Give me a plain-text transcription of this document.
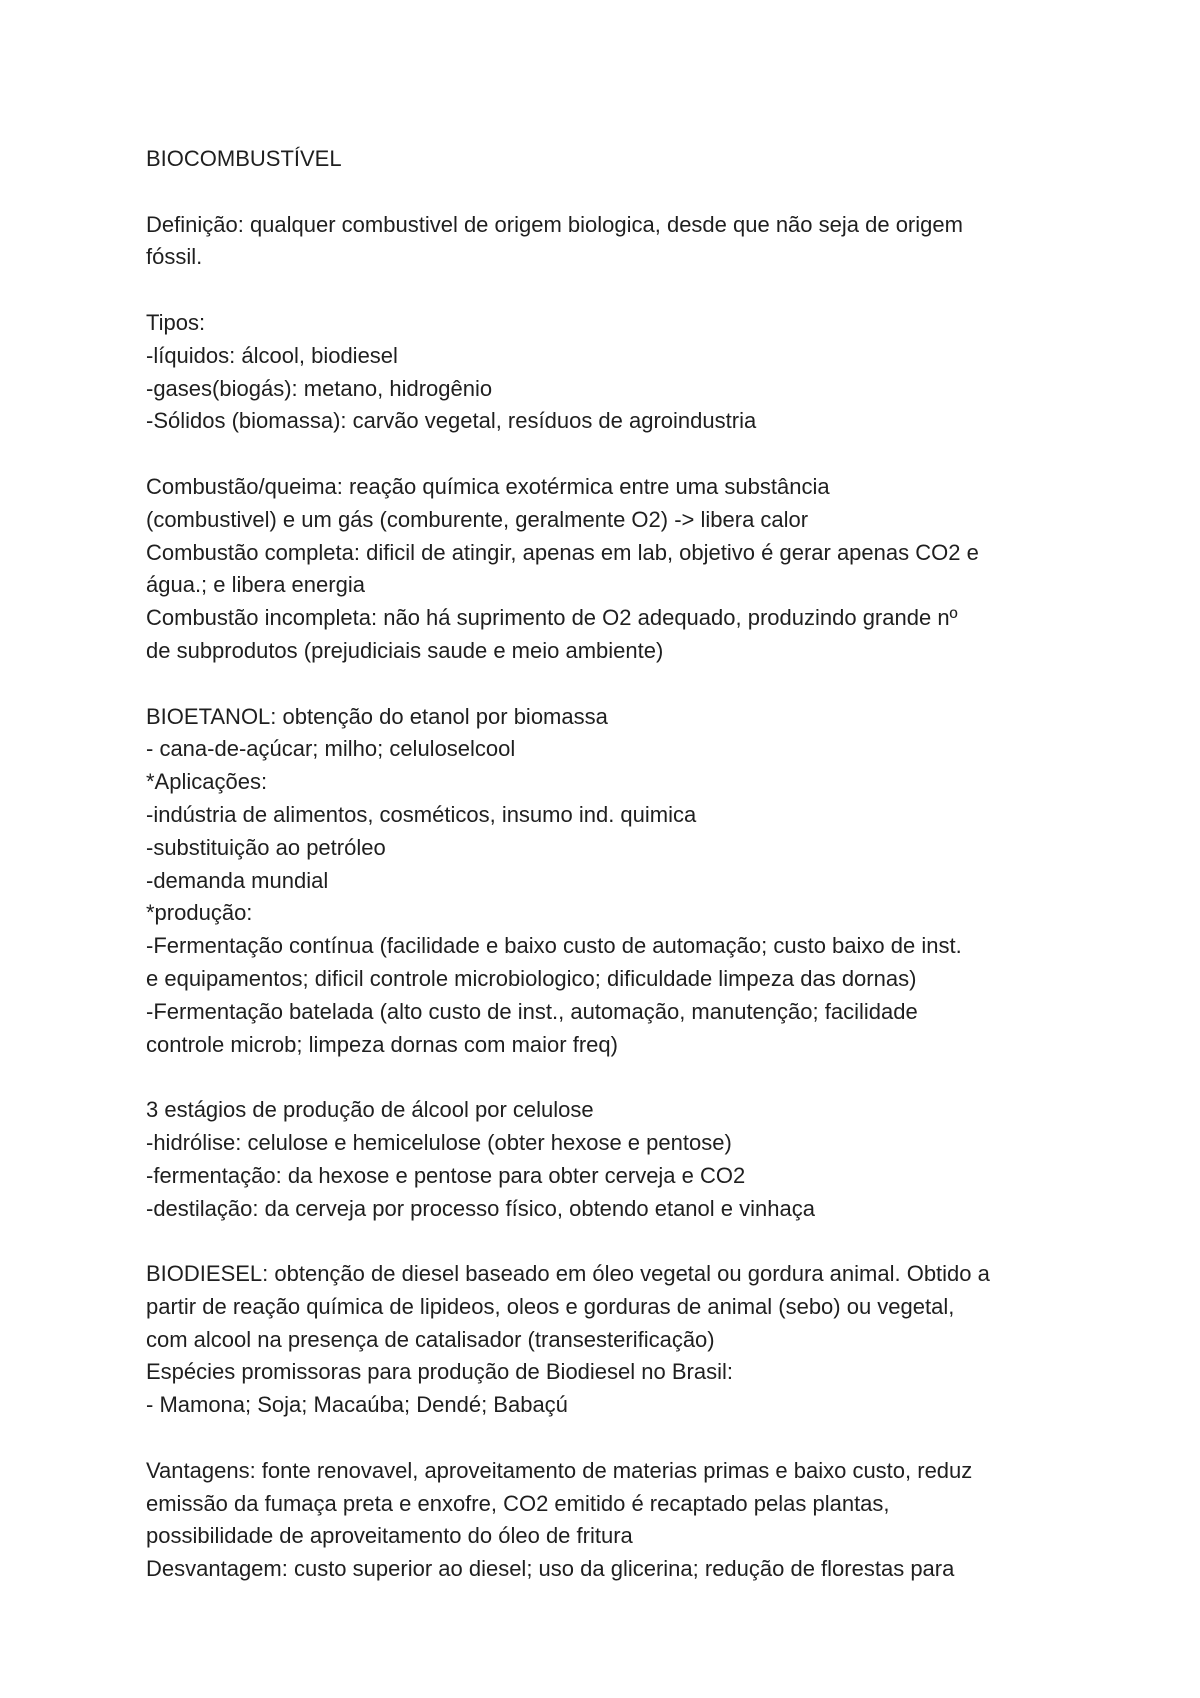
BIOCOMBUSTÍVEL
Definição: qualquer combustivel de origem biologica, desde que não seja de origem
fóssil.
Tipos:
-líquidos: álcool, biodiesel
-gases(biogás): metano, hidrogênio
-Sólidos (biomassa): carvão vegetal, resíduos de agroindustria
Combustão/queima: reação química exotérmica entre uma substância
(combustivel) e um gás (comburente, geralmente O2) -> libera calor
Combustão completa: dificil de atingir, apenas em lab, objetivo é gerar apenas CO2 e
água.; e libera energia
Combustão incompleta: não há suprimento de O2 adequado, produzindo grande nº
de subprodutos (prejudiciais saude e meio ambiente)
BIOETANOL: obtenção do etanol por biomassa
- cana-de-açúcar; milho; celuloselcool
*Aplicações:
-indústria de alimentos, cosméticos, insumo ind. quimica
-substituição ao petróleo
-demanda mundial
*produção:
-Fermentação contínua (facilidade e baixo custo de automação; custo baixo de inst.
e equipamentos; dificil controle microbiologico; dificuldade limpeza das dornas)
-Fermentação batelada (alto custo de inst., automação, manutenção; facilidade
controle microb; limpeza dornas com maior freq)
3 estágios de produção de álcool por celulose
-hidrólise: celulose e hemicelulose (obter hexose e pentose)
-fermentação: da hexose e pentose para obter cerveja e CO2
-destilação: da cerveja por processo físico, obtendo etanol e vinhaça
BIODIESEL: obtenção de diesel baseado em óleo vegetal ou gordura animal. Obtido a
partir de reação química de lipideos, oleos e gorduras de animal (sebo) ou vegetal,
com alcool na presença de catalisador (transesterificação)
Espécies promissoras para produção de Biodiesel no Brasil:
- Mamona; Soja; Macaúba; Dendé; Babaçú
Vantagens: fonte renovavel, aproveitamento de materias primas e baixo custo, reduz
emissão da fumaça preta e enxofre, CO2 emitido é recaptado pelas plantas,
possibilidade de aproveitamento do óleo de fritura
Desvantagem: custo superior ao diesel; uso da glicerina; redução de florestas para
